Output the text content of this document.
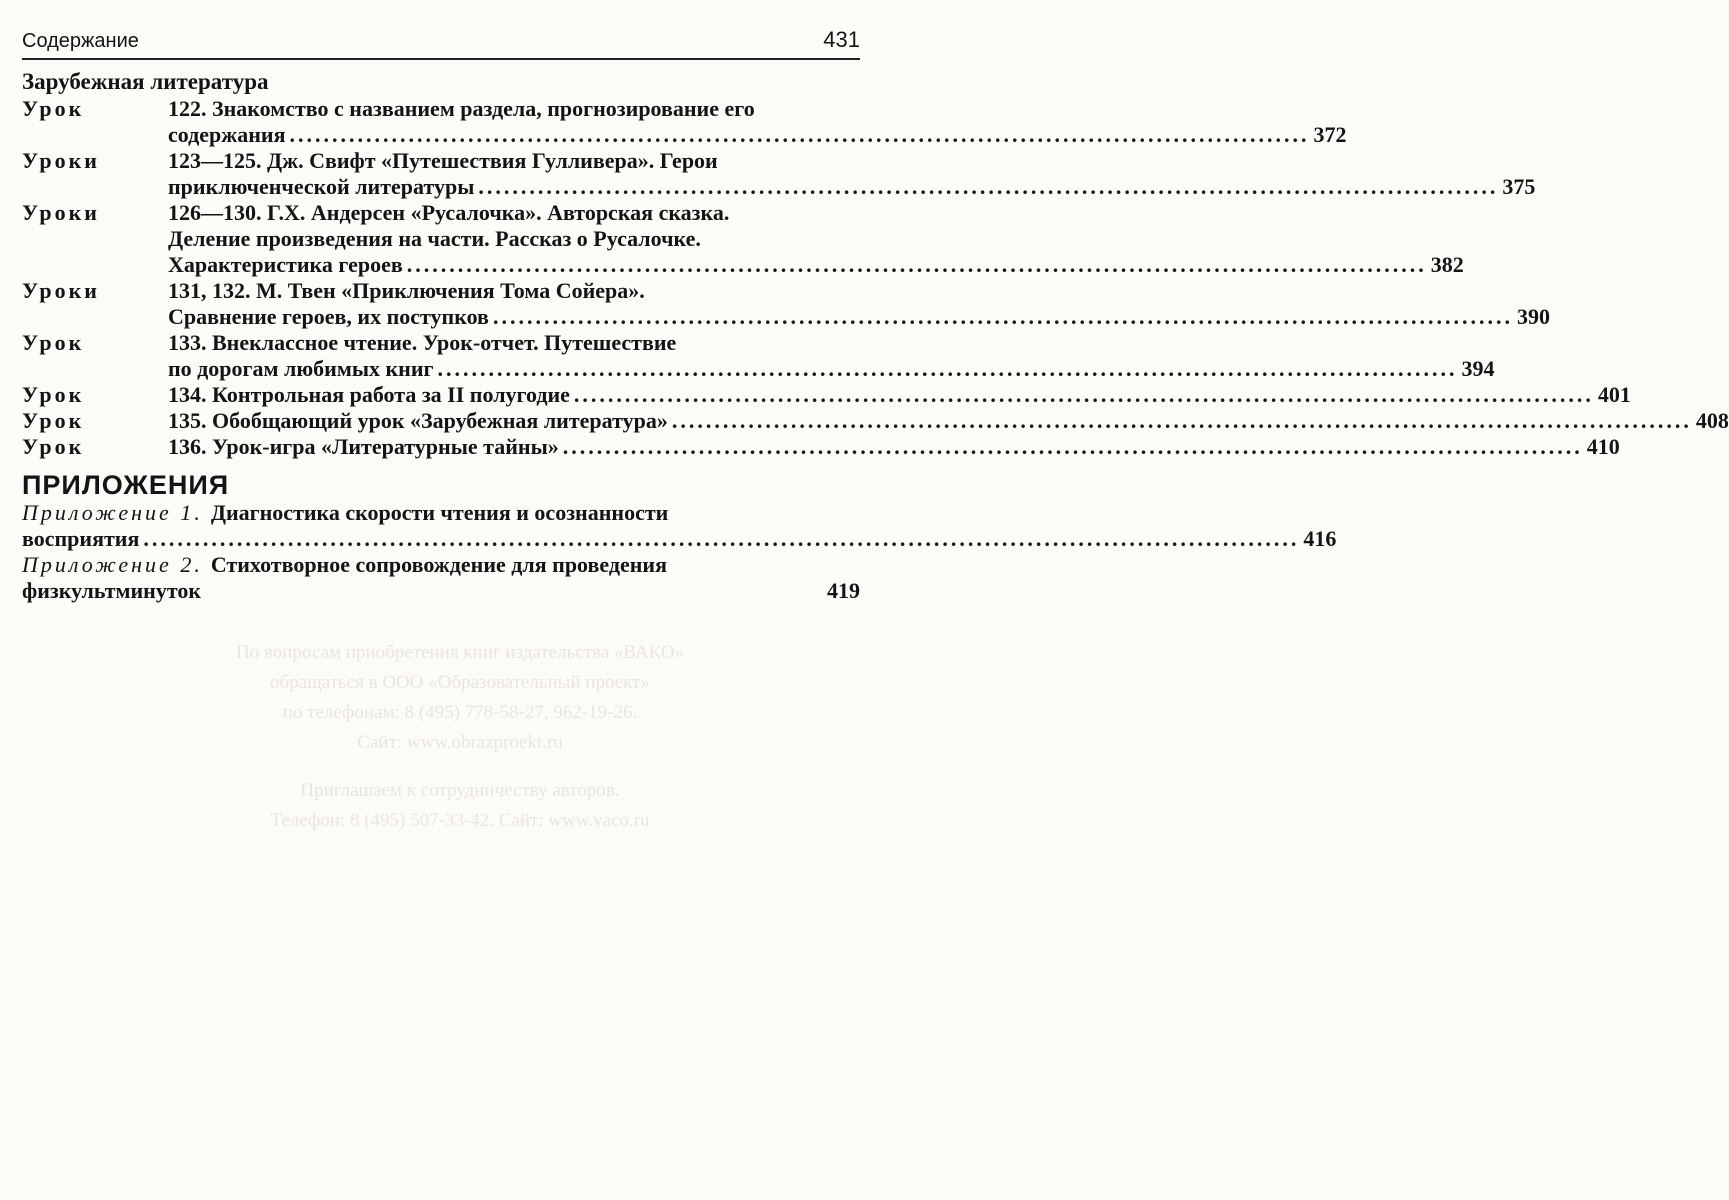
Содержание	431
По вопросам приобретения книг издательства «ВАКО»
обращаться в ООО «Образовательный проект»
по телефонам: 8 (495) 778-58-27, 962-19-26.
Сайт: www.obrazproekt.ru
Приглашаем к сотрудничеству авторов.
Телефон: 8 (495) 507-33-42. Сайт: www.vaco.ru
Зарубежная литература
Урок	122. Знакомство с названием раздела, прогнозирование его
содержания ........................................................................................................................ 372
Уроки	123—125. Дж. Свифт «Путешествия Гулливера». Герои
приключенческой литературы ........................................................................................................................ 375
Уроки	126—130. Г.Х. Андерсен «Русалочка». Авторская сказка.
Деление произведения на части. Рассказ о Русалочке.
Характеристика героев ........................................................................................................................ 382
Уроки	131, 132. М. Твен «Приключения Тома Сойера».
Сравнение героев, их поступков ........................................................................................................................ 390
Урок	133. Внеклассное чтение. Урок-отчет. Путешествие
по дорогам любимых книг ........................................................................................................................ 394
Урок	134. Контрольная работа за II полугодие ........................................................................................................................ 401
Урок	135. Обобщающий урок «Зарубежная литература» ........................................................................................................................ 408
Урок	136. Урок-игра «Литературные тайны» ........................................................................................................................ 410
ПРИЛОЖЕНИЯ
Приложение 1. Диагностика скорости чтения и осознанности
восприятия ........................................................................................................................................ 416
Приложение 2. Стихотворное сопровождение для проведения
физкультминуток	419
